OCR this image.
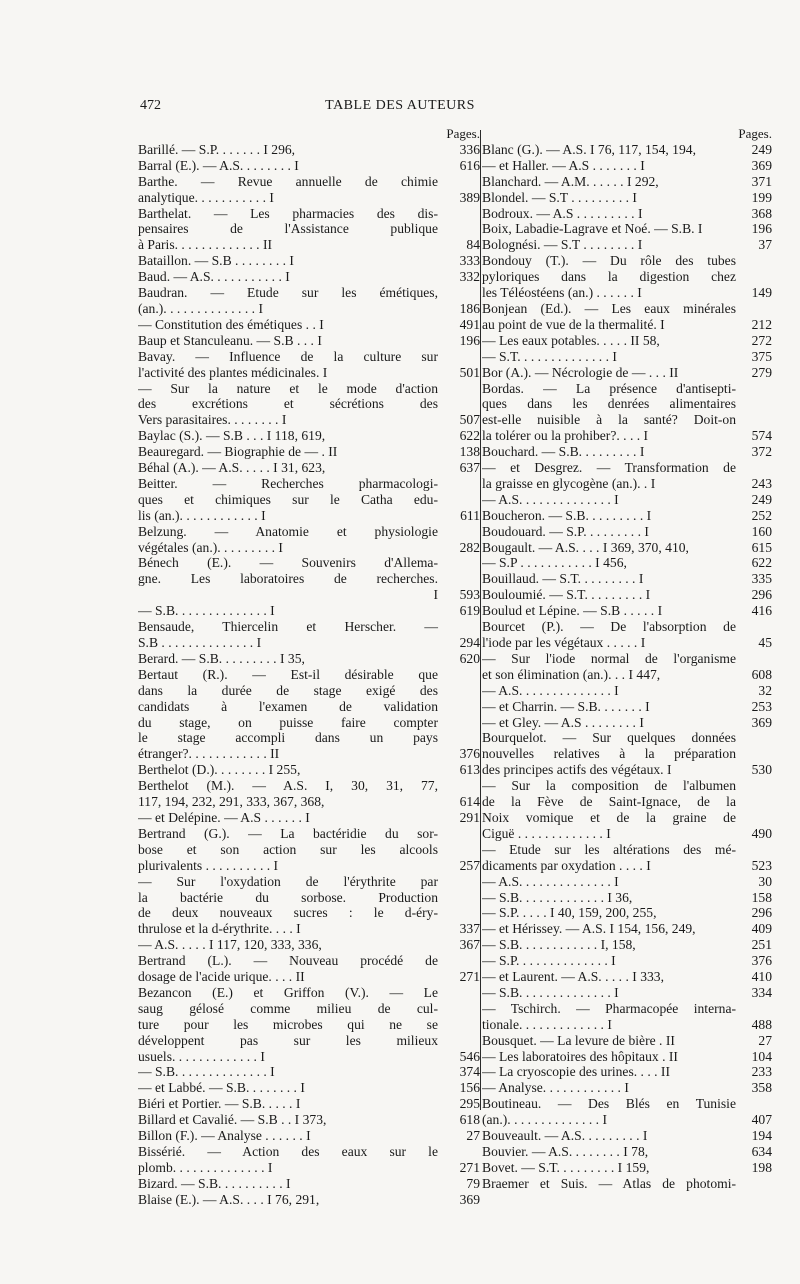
472	TABLE DES AUTEURS
Pages.
Barillé. — S.P. . . . . . . I 296,	336
Barral (E.). — A.S. . . . . . . . I	616
Barthe. — Revue annuelle de chimie
analytique. . . . . . . . . . . I	389
Barthelat. — Les pharmacies des dis-
pensaires de l'Assistance publique
à Paris. . . . . . . . . . . . . II	84
Bataillon. — S.B . . . . . . . . I	333
Baud. — A.S. . . . . . . . . . . I	332
Baudran. — Etude sur les émétiques,
(an.). . . . . . . . . . . . . . I	186
— Constitution des émétiques . . I	491
Baup et Stanculeanu. — S.B . . . I	196
Bavay. — Influence de la culture sur
l'activité des plantes médicinales. I	501
— Sur la nature et le mode d'action
des excrétions et sécrétions des
Vers parasitaires. . . . . . . . I	507
Baylac (S.). — S.B . . . I 118, 619,	622
Beauregard. — Biographie de — . II	138
Béhal (A.). — A.S. . . . . I 31, 623,	637
Beitter. — Recherches pharmacologi-
ques et chimiques sur le Catha edu-
lis (an.). . . . . . . . . . . . I	611
Belzung. — Anatomie et physiologie
végétales (an.). . . . . . . . . I	282
Bénech (E.). — Souvenirs d'Allema-
gne. Les laboratoires de recherches.
I	593
— S.B. . . . . . . . . . . . . . I	619
Bensaude, Thiercelin et Herscher. —
S.B . . . . . . . . . . . . . . I	294
Berard. — S.B. . . . . . . . . I 35,	620
Bertaut (R.). — Est-il désirable que
dans la durée de stage exigé des
candidats à l'examen de validation
du stage, on puisse faire compter
le stage accompli dans un pays
étranger?. . . . . . . . . . . . II	376
Berthelot (D.). . . . . . . . I 255,	613
Berthelot (M.). — A.S. I, 30, 31, 77,
117, 194, 232, 291, 333, 367, 368,	614
— et Delépine. — A.S . . . . . . I	291
Bertrand (G.). — La bactéridie du sor-
bose et son action sur les alcools
plurivalents . . . . . . . . . . I	257
— Sur l'oxydation de l'érythrite par
la bactérie du sorbose. Production
de deux nouveaux sucres : le d-éry-
thrulose et la d-érythrite. . . . I	337
— A.S. . . . . I 117, 120, 333, 336,	367
Bertrand (L.). — Nouveau procédé de
dosage de l'acide urique. . . . II	271
Bezancon (E.) et Griffon (V.). — Le
saug gélosé comme milieu de cul-
ture pour les microbes qui ne se
développent pas sur les milieux
usuels. . . . . . . . . . . . . I	546
— S.B. . . . . . . . . . . . . . I	374
— et Labbé. — S.B. . . . . . . . I	156
Biéri et Portier. — S.B. . . . . I	295
Billard et Cavalié. — S.B . . I 373,	618
Billon (F.). — Analyse . . . . . . I	27
Bissérié. — Action des eaux sur le
plomb. . . . . . . . . . . . . . I	271
Bizard. — S.B. . . . . . . . . . I	79
Blaise (E.). — A.S. . . . I 76, 291,	369
Pages.
Blanc (G.). — A.S. I 76, 117, 154, 194,	249
— et Haller. — A.S . . . . . . . I	369
Blanchard. — A.M. . . . . . I 292,	371
Blondel. — S.T . . . . . . . . . I	199
Bodroux. — A.S . . . . . . . . . I	368
Boix, Labadie-Lagrave et Noé. — S.B. I	196
Bolognési. — S.T . . . . . . . . I	37
Bondouy (T.). — Du rôle des tubes
pyloriques dans la digestion chez
les Téléostéens (an.) . . . . . . I	149
Bonjean (Ed.). — Les eaux minérales
au point de vue de la thermalité. I	212
— Les eaux potables. . . . . II 58,	272
— S.T. . . . . . . . . . . . . . I	375
Bor (A.). — Nécrologie de — . . . II	279
Bordas. — La présence d'antisepti-
ques dans les denrées alimentaires
est-elle nuisible à la santé? Doit-on
la tolérer ou la prohiber?. . . . I	574
Bouchard. — S.B. . . . . . . . . I	372
— et Desgrez. — Transformation de
la graisse en glycogène (an.). . I	243
— A.S. . . . . . . . . . . . . . I	249
Boucheron. — S.B. . . . . . . . . I	252
Boudouard. — S.P. . . . . . . . . I	160
Bougault. — A.S. . . . I 369, 370, 410,	615
— S.P . . . . . . . . . . . I 456,	622
Bouillaud. — S.T. . . . . . . . . I	335
Bouloumié. — S.T. . . . . . . . . I	296
Boulud et Lépine. — S.B . . . . . I	416
Bourcet (P.). — De l'absorption de
l'iode par les végétaux . . . . . I	45
— Sur l'iode normal de l'organisme
et son élimination (an.). . . I 447,	608
— A.S. . . . . . . . . . . . . . I	32
— et Charrin. — S.B. . . . . . . I	253
— et Gley. — A.S . . . . . . . . I	369
Bourquelot. — Sur quelques données
nouvelles relatives à la préparation
des principes actifs des végétaux. I	530
— Sur la composition de l'albumen
de la Fève de Saint-Ignace, de la
Noix vomique et de la graine de
Ciguë . . . . . . . . . . . . . I	490
— Etude sur les altérations des mé-
dicaments par oxydation . . . . I	523
— A.S. . . . . . . . . . . . . . I	30
— S.B. . . . . . . . . . . . . I 36,	158
— S.P. . . . . I 40, 159, 200, 255,	296
— et Hérissey. — A.S. I 154, 156, 249,	409
— S.B. . . . . . . . . . . . I, 158,	251
— S.P. . . . . . . . . . . . . . I	376
— et Laurent. — A.S. . . . . I 333,	410
— S.B. . . . . . . . . . . . . . I	334
— Tschirch. — Pharmacopée interna-
tionale. . . . . . . . . . . . . I	488
Bousquet. — La levure de bière . II	27
— Les laboratoires des hôpitaux . II	104
— La cryoscopie des urines. . . . II	233
— Analyse. . . . . . . . . . . . I	358
Boutineau. — Des Blés en Tunisie
(an.). . . . . . . . . . . . . . I	407
Bouveault. — A.S. . . . . . . . . I	194
Bouvier. — A.S. . . . . . . . I 78,	634
Bovet. — S.T. . . . . . . . . I 159,	198
Braemer et Suis. — Atlas de photomi-
